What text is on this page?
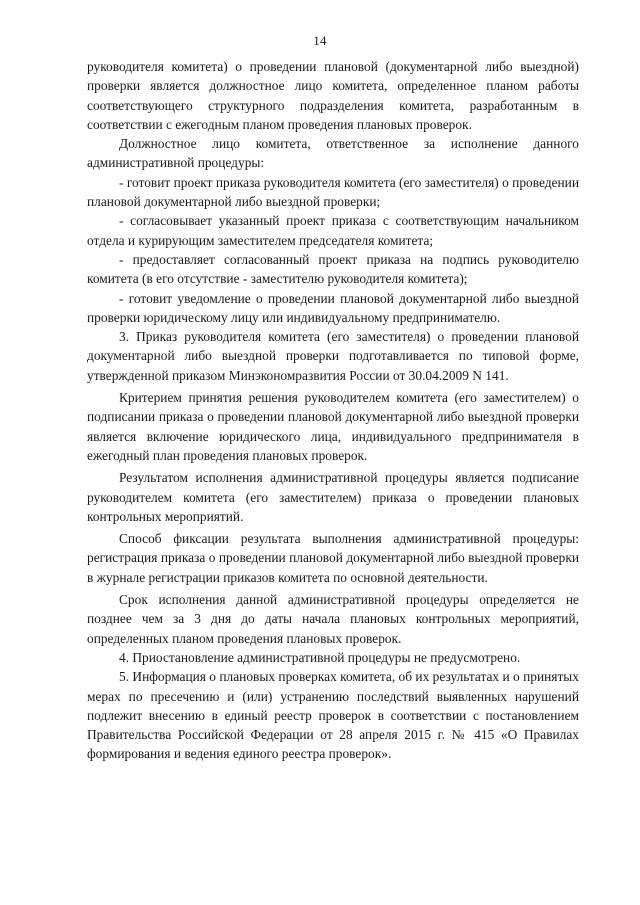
14

руководителя комитета) о проведении плановой (документарной либо выездной) проверки является должностное лицо комитета, определенное планом работы соответствующего структурного подразделения комитета, разработанным в соответствии с ежегодным планом проведения плановых проверок.

Должностное лицо комитета, ответственное за исполнение данного административной процедуры:

- готовит проект приказа руководителя комитета (его заместителя) о проведении плановой документарной либо выездной проверки;

- согласовывает указанный проект приказа с соответствующим начальником отдела и курирующим заместителем председателя комитета;

- предоставляет согласованный проект приказа на подпись руководителю комитета (в его отсутствие - заместителю руководителя комитета);

- готовит уведомление о проведении плановой документарной либо выездной проверки юридическому лицу или индивидуальному предпринимателю.

3. Приказ руководителя комитета (его заместителя) о проведении плановой документарной либо выездной проверки подготавливается по типовой форме, утвержденной приказом Минэкономразвития России от 30.04.2009 N 141.

Критерием принятия решения руководителем комитета (его заместителем) о подписании приказа о проведении плановой документарной либо выездной проверки является включение юридического лица, индивидуального предпринимателя в ежегодный план проведения плановых проверок.

Результатом исполнения административной процедуры является подписание руководителем комитета (его заместителем) приказа о проведении плановых контрольных мероприятий.

Способ фиксации результата выполнения административной процедуры: регистрация приказа о проведении плановой документарной либо выездной проверки в журнале регистрации приказов комитета по основной деятельности.

Срок исполнения данной административной процедуры определяется не позднее чем за 3 дня до даты начала плановых контрольных мероприятий, определенных планом проведения плановых проверок.

4. Приостановление административной процедуры не предусмотрено.

5. Информация о плановых проверках комитета, об их результатах и о принятых мерах по пресечению и (или) устранению последствий выявленных нарушений подлежит внесению в единый реестр проверок в соответствии с постановлением Правительства Российской Федерации от 28 апреля 2015 г. № 415 «О Правилах формирования и ведения единого реестра проверок».
